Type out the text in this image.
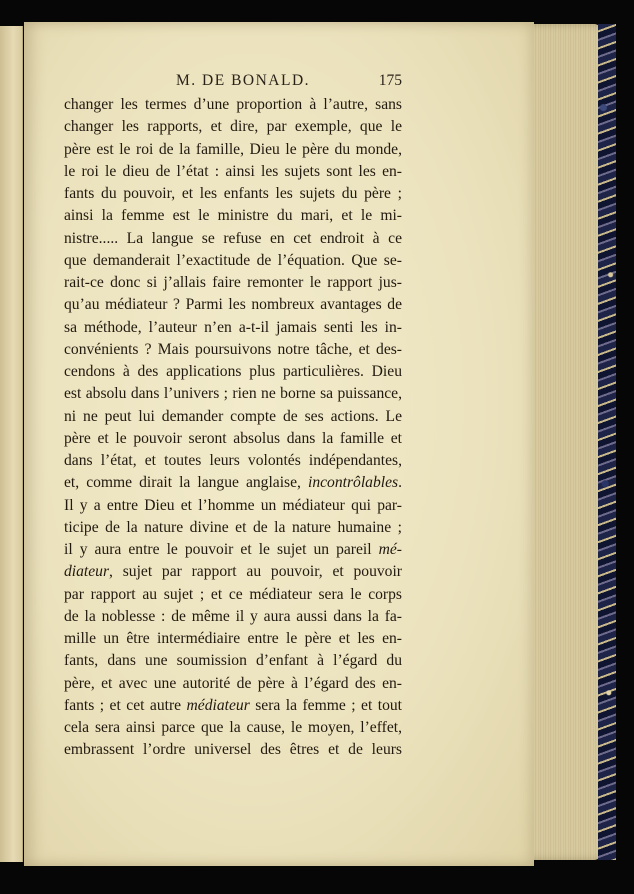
M. DE BONALD.	175
changer les termes d’une proportion à l’autre, sans
changer les rapports, et dire, par exemple, que le
père est le roi de la famille, Dieu le père du monde,
le roi le dieu de l’état : ainsi les sujets sont les en-
fants du pouvoir, et les enfants les sujets du père ;
ainsi la femme est le ministre du mari, et le mi-
nistre..... La langue se refuse en cet endroit à ce
que demanderait l’exactitude de l’équation. Que se-
rait-ce donc si j’allais faire remonter le rapport jus-
qu’au médiateur ? Parmi les nombreux avantages de
sa méthode, l’auteur n’en a-t-il jamais senti les in-
convénients ? Mais poursuivons notre tâche, et des-
cendons à des applications plus particulières. Dieu
est absolu dans l’univers ; rien ne borne sa puissance,
ni ne peut lui demander compte de ses actions. Le
père et le pouvoir seront absolus dans la famille et
dans l’état, et toutes leurs volontés indépendantes,
et, comme dirait la langue anglaise, incontrôlables.
Il y a entre Dieu et l’homme un médiateur qui par-
ticipe de la nature divine et de la nature humaine ;
il y aura entre le pouvoir et le sujet un pareil mé-
diateur, sujet par rapport au pouvoir, et pouvoir
par rapport au sujet ; et ce médiateur sera le corps
de la noblesse : de même il y aura aussi dans la fa-
mille un être intermédiaire entre le père et les en-
fants, dans une soumission d’enfant à l’égard du
père, et avec une autorité de père à l’égard des en-
fants ; et cet autre médiateur sera la femme ; et tout
cela sera ainsi parce que la cause, le moyen, l’effet,
embrassent l’ordre universel des êtres et de leurs
